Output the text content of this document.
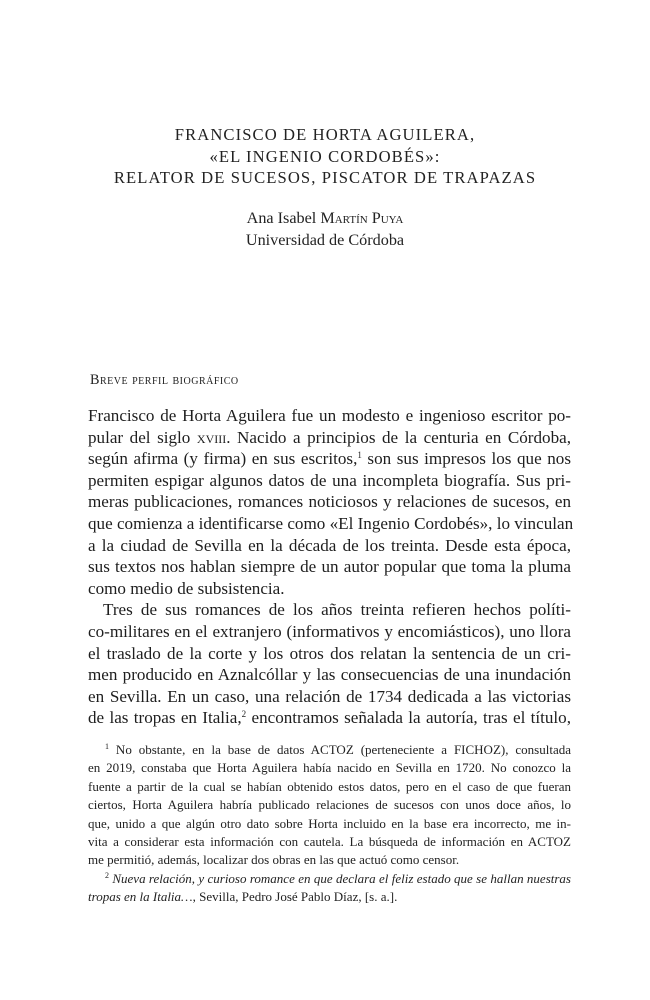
FRANCISCO DE HORTA AGUILERA,
«EL INGENIO CORDOBÉS»:
RELATOR DE SUCESOS, PISCATOR DE TRAPAZAS
Ana Isabel Martín Puya
Universidad de Córdoba
Breve perfil biográfico
Francisco de Horta Aguilera fue un modesto e ingenioso escritor po-
pular del siglo xviii. Nacido a principios de la centuria en Córdoba,
según afirma (y firma) en sus escritos,$^1$ son sus impresos los que nos
permiten espigar algunos datos de una incompleta biografía. Sus pri-
meras publicaciones, romances noticiosos y relaciones de sucesos, en
que comienza a identificarse como «El Ingenio Cordobés», lo vinculan
a la ciudad de Sevilla en la década de los treinta. Desde esta época,
sus textos nos hablan siempre de un autor popular que toma la pluma
como medio de subsistencia.
Tres de sus romances de los años treinta refieren hechos políti-
co-militares en el extranjero (informativos y encomiásticos), uno llora
el traslado de la corte y los otros dos relatan la sentencia de un cri-
men producido en Aznalcóllar y las consecuencias de una inundación
en Sevilla. En un caso, una relación de 1734 dedicada a las victorias
de las tropas en Italia,$^2$ encontramos señalada la autoría, tras el título,
$^1$ No obstante, en la base de datos ACTOZ (perteneciente a FICHOZ), consultada
en 2019, constaba que Horta Aguilera había nacido en Sevilla en 1720. No conozco la
fuente a partir de la cual se habían obtenido estos datos, pero en el caso de que fueran
ciertos, Horta Aguilera habría publicado relaciones de sucesos con unos doce años, lo
que, unido a que algún otro dato sobre Horta incluido en la base era incorrecto, me in-
vita a considerar esta información con cautela. La búsqueda de información en ACTOZ
me permitió, además, localizar dos obras en las que actuó como censor.
$^2$ Nueva relación, y curioso romance en que declara el feliz estado que se hallan nuestras
tropas en la Italia…, Sevilla, Pedro José Pablo Díaz, [s. a.].
